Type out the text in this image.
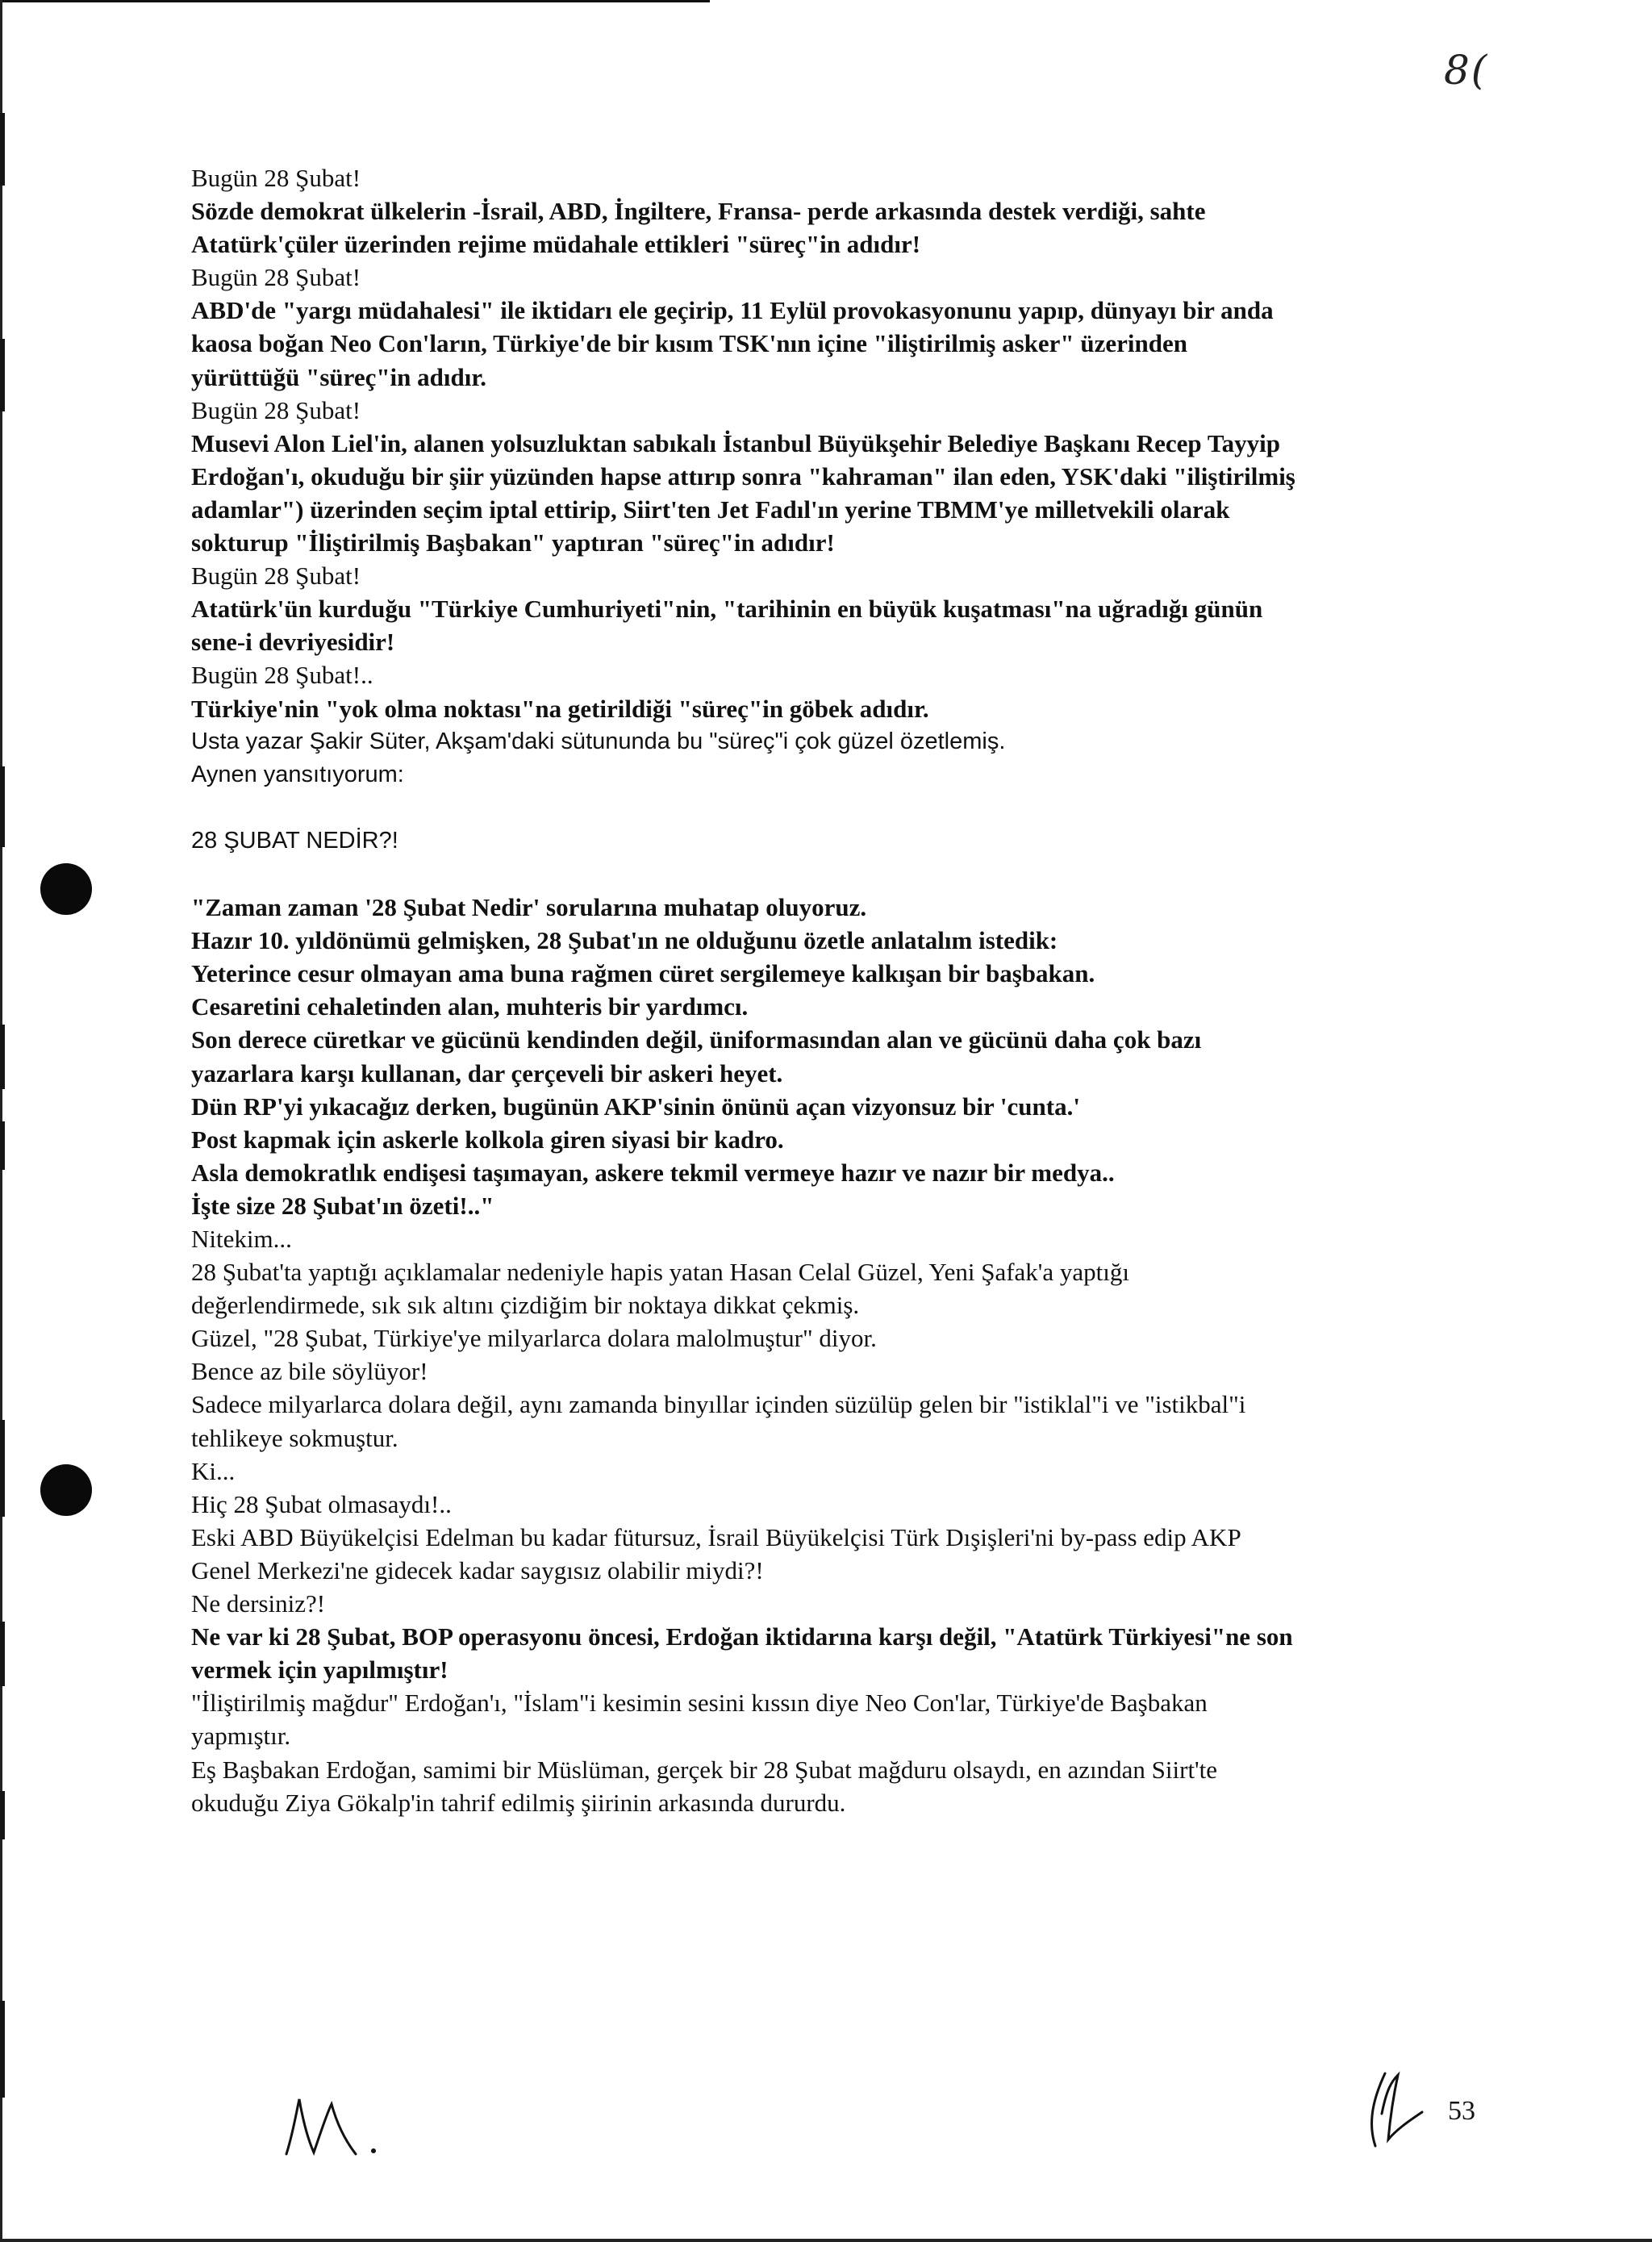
8(
Bugün 28 Şubat!
Sözde demokrat ülkelerin -İsrail, ABD, İngiltere, Fransa- perde arkasında destek verdiği, sahte
Atatürk'çüler üzerinden rejime müdahale ettikleri "süreç"in adıdır!
Bugün 28 Şubat!
ABD'de "yargı müdahalesi" ile iktidarı ele geçirip, 11 Eylül provokasyonunu yapıp, dünyayı bir anda
kaosa boğan Neo Con'ların, Türkiye'de bir kısım TSK'nın içine "iliştirilmiş asker" üzerinden
yürüttüğü "süreç"in adıdır.
Bugün 28 Şubat!
Musevi Alon Liel'in, alanen yolsuzluktan sabıkalı İstanbul Büyükşehir Belediye Başkanı Recep Tayyip
Erdoğan'ı, okuduğu bir şiir yüzünden hapse attırıp sonra "kahraman" ilan eden, YSK'daki "iliştirilmiş
adamlar") üzerinden seçim iptal ettirip, Siirt'ten Jet Fadıl'ın yerine TBMM'ye milletvekili olarak
sokturup "İliştirilmiş Başbakan" yaptıran "süreç"in adıdır!
Bugün 28 Şubat!
Atatürk'ün kurduğu "Türkiye Cumhuriyeti"nin, "tarihinin en büyük kuşatması"na uğradığı günün
sene-i devriyesidir!
Bugün 28 Şubat!..
Türkiye'nin "yok olma noktası"na getirildiği "süreç"in göbek adıdır.
Usta yazar Şakir Süter, Akşam'daki sütununda bu "süreç"i çok güzel özetlemiş.
Aynen yansıtıyorum:
28 ŞUBAT NEDİR?!
"Zaman zaman '28 Şubat Nedir' sorularına muhatap oluyoruz.
Hazır 10. yıldönümü gelmişken, 28 Şubat'ın ne olduğunu özetle anlatalım istedik:
Yeterince cesur olmayan ama buna rağmen cüret sergilemeye kalkışan bir başbakan.
Cesaretini cehaletinden alan, muhteris bir yardımcı.
Son derece cüretkar ve gücünü kendinden değil, üniformasından alan ve gücünü daha çok bazı
yazarlara karşı kullanan, dar çerçeveli bir askeri heyet.
Dün RP'yi yıkacağız derken, bugünün AKP'sinin önünü açan vizyonsuz bir 'cunta.'
Post kapmak için askerle kolkola giren siyasi bir kadro.
Asla demokratlık endişesi taşımayan, askere tekmil vermeye hazır ve nazır bir medya..
İşte size 28 Şubat'ın özeti!.."
Nitekim...
28 Şubat'ta yaptığı açıklamalar nedeniyle hapis yatan Hasan Celal Güzel, Yeni Şafak'a yaptığı
değerlendirmede, sık sık altını çizdiğim bir noktaya dikkat çekmiş.
Güzel, "28 Şubat, Türkiye'ye milyarlarca dolara malolmuştur" diyor.
Bence az bile söylüyor!
Sadece milyarlarca dolara değil, aynı zamanda binyıllar içinden süzülüp gelen bir "istiklal"i ve "istikbal"i
tehlikeye sokmuştur.
Ki...
Hiç 28 Şubat olmasaydı!..
Eski ABD Büyükelçisi Edelman bu kadar fütursuz, İsrail Büyükelçisi Türk Dışişleri'ni by-pass edip AKP
Genel Merkezi'ne gidecek kadar saygısız olabilir miydi?!
Ne dersiniz?!
Ne var ki 28 Şubat, BOP operasyonu öncesi, Erdoğan iktidarına karşı değil, "Atatürk Türkiyesi"ne son
vermek için yapılmıştır!
"İliştirilmiş mağdur" Erdoğan'ı, "İslam"i kesimin sesini kıssın diye Neo Con'lar, Türkiye'de Başbakan
yapmıştır.
Eş Başbakan Erdoğan, samimi bir Müslüman, gerçek bir 28 Şubat mağduru olsaydı, en azından Siirt'te
okuduğu Ziya Gökalp'in tahrif edilmiş şiirinin arkasında dururdu.
53
